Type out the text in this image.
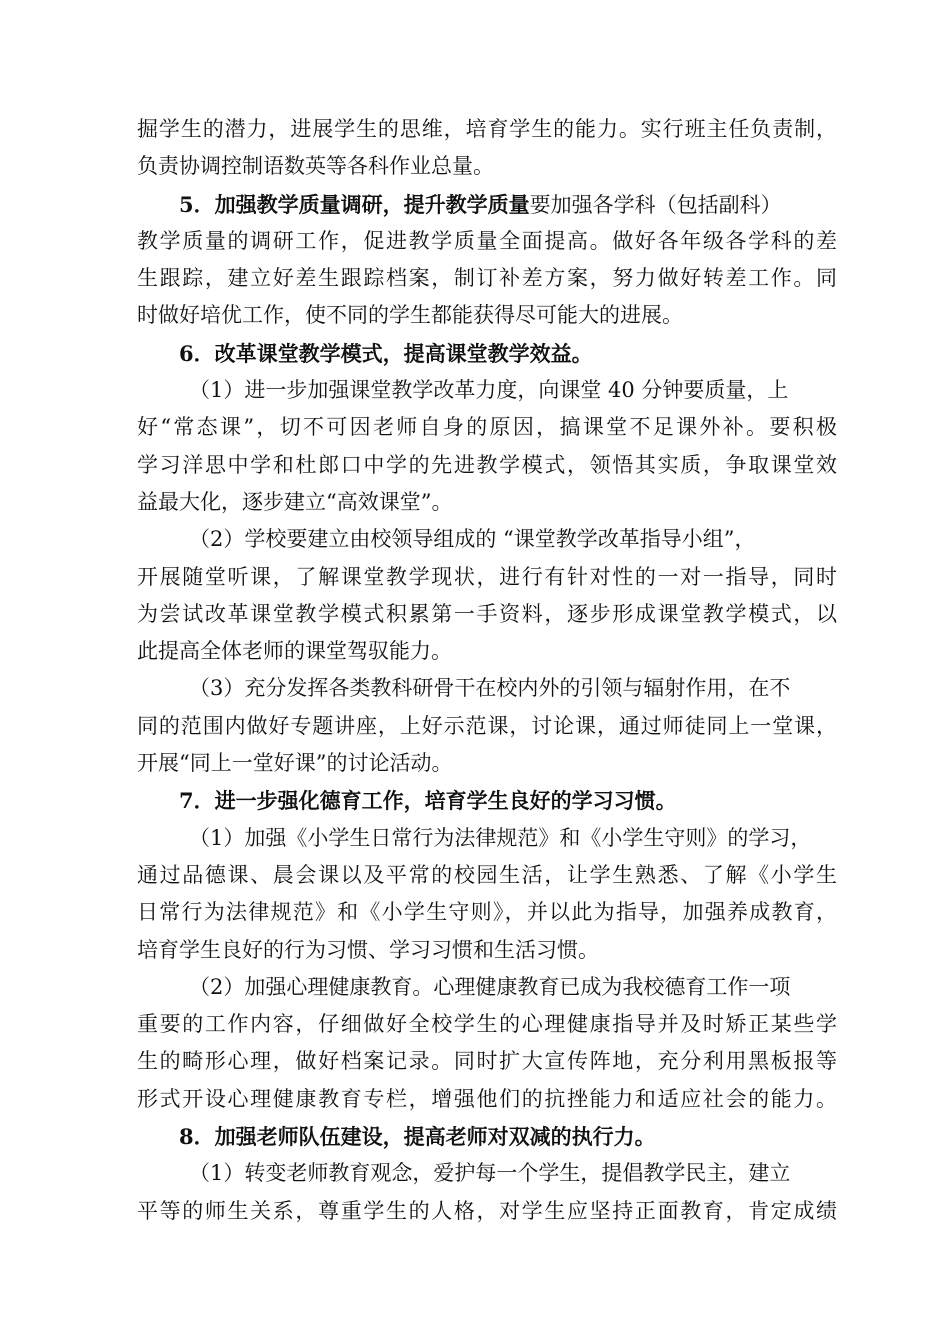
掘学生的潜力，进展学生的思维，培育学生的能力。实行班主任负责制，
负责协调控制语数英等各科作业总量。
5．加强教学质量调研，提升教学质量要加强各学科（包括副科）
教学质量的调研工作，促进教学质量全面提高。做好各年级各学科的差
生跟踪，建立好差生跟踪档案，制订补差方案，努力做好转差工作。同
时做好培优工作，使不同的学生都能获得尽可能大的进展。
6．改革课堂教学模式，提高课堂教学效益。
（1）进一步加强课堂教学改革力度，向课堂 40 分钟要质量，上
好“常态课”，切不可因老师自身的原因，搞课堂不足课外补。要积极
学习洋思中学和杜郎口中学的先进教学模式，领悟其实质，争取课堂效
益最大化，逐步建立“高效课堂”。
（2）学校要建立由校领导组成的 “课堂教学改革指导小组”，
开展随堂听课，了解课堂教学现状，进行有针对性的一对一指导，同时
为尝试改革课堂教学模式积累第一手资料，逐步形成课堂教学模式，以
此提高全体老师的课堂驾驭能力。
（3）充分发挥各类教科研骨干在校内外的引领与辐射作用，在不
同的范围内做好专题讲座，上好示范课，讨论课，通过师徒同上一堂课，
开展“同上一堂好课”的讨论活动。
7．进一步强化德育工作，培育学生良好的学习习惯。
（1）加强《小学生日常行为法律规范》和《小学生守则》的学习，
通过品德课、晨会课以及平常的校园生活，让学生熟悉、了解《小学生
日常行为法律规范》和《小学生守则》，并以此为指导，加强养成教育，
培育学生良好的行为习惯、学习习惯和生活习惯。
（2）加强心理健康教育。心理健康教育已成为我校德育工作一项
重要的工作内容，仔细做好全校学生的心理健康指导并及时矫正某些学
生的畸形心理，做好档案记录。同时扩大宣传阵地，充分利用黑板报等
形式开设心理健康教育专栏，增强他们的抗挫能力和适应社会的能力。
8．加强老师队伍建设，提高老师对双减的执行力。
（1）转变老师教育观念，爱护每一个学生，提倡教学民主，建立
平等的师生关系，尊重学生的人格，对学生应坚持正面教育，肯定成绩
